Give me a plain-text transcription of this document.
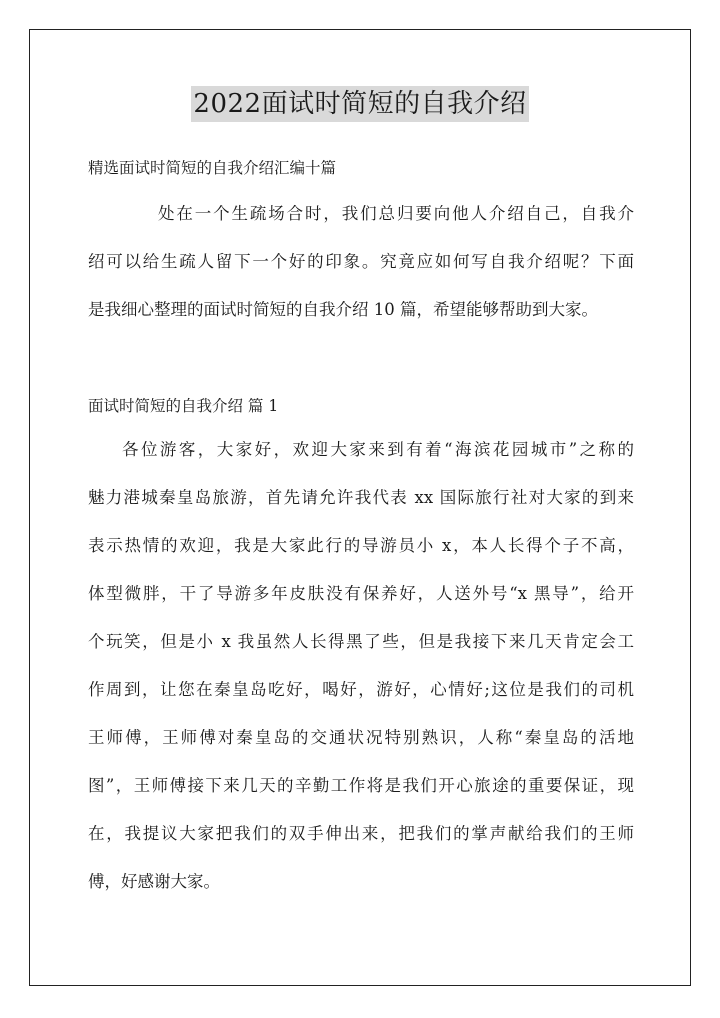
2022面试时简短的自我介绍
精选面试时简短的自我介绍汇编十篇
处在一个生疏场合时，我们总归要向他人介绍自己，自我介
绍可以给生疏人留下一个好的印象。究竟应如何写自我介绍呢？下面
是我细心整理的面试时简短的自我介绍 10 篇，希望能够帮助到大家。
面试时简短的自我介绍 篇 1
各位游客，大家好，欢迎大家来到有着“海滨花园城市”之称的
魅力港城秦皇岛旅游，首先请允许我代表 xx 国际旅行社对大家的到来
表示热情的欢迎，我是大家此行的导游员小 x，本人长得个子不高，
体型微胖，干了导游多年皮肤没有保养好，人送外号“x 黑导”，给开
个玩笑，但是小 x 我虽然人长得黑了些，但是我接下来几天肯定会工
作周到，让您在秦皇岛吃好，喝好，游好，心情好;这位是我们的司机
王师傅，王师傅对秦皇岛的交通状况特别熟识，人称“秦皇岛的活地
图”，王师傅接下来几天的辛勤工作将是我们开心旅途的重要保证，现
在，我提议大家把我们的双手伸出来，把我们的掌声献给我们的王师
傅，好感谢大家。
